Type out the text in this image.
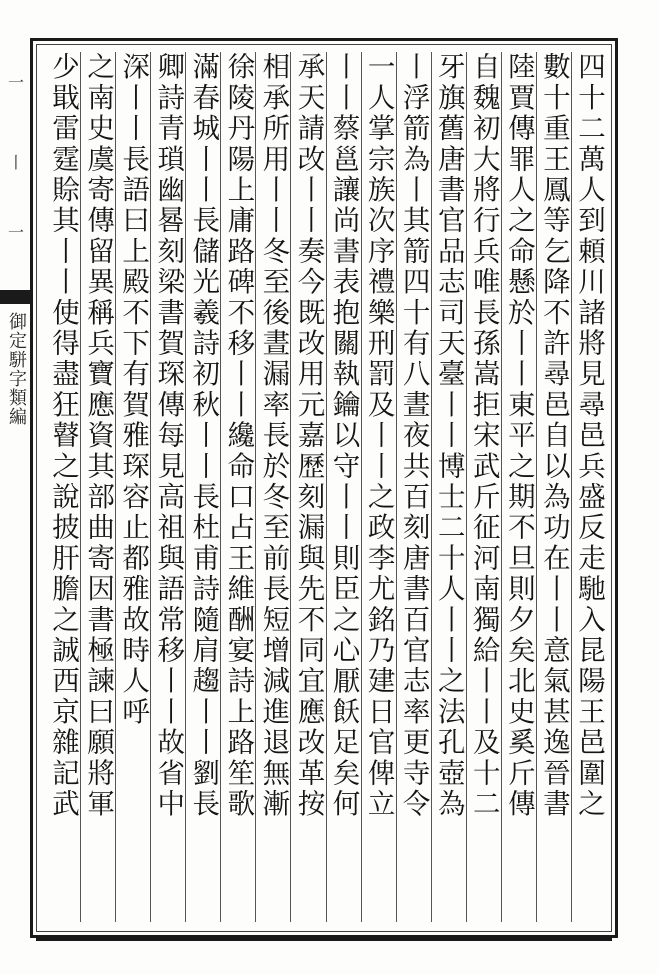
一
丨
一
御定駢字類編	四十二萬人到頼川諸將見尋邑兵盛反走馳入昆陽王邑圍之
數十重王鳳等乞降不許尋邑自以為功在丨丨意氣甚逸晉書
陸賈傳罪人之命懸於丨丨東平之期不旦則夕矣北史奚斤傳
自魏初大將行兵唯長孫嵩拒宋武斤征河南獨給丨丨及十二
牙旗舊唐書官品志司天臺丨丨博士二十人丨丨之法孔壺為
丨浮箭為丨其箭四十有八晝夜共百刻唐書百官志率更寺令
一人掌宗族次序禮樂刑罰及丨丨之政李尤銘乃建日官俾立
丨丨蔡邕讓尚書表抱關執鑰以守丨丨則臣之心厭飫足矣何
承天請改丨丨奏今既改用元嘉歷刻漏與先不同宜應改革按
相承所用丨丨冬至後晝漏率長於冬至前長短增減進退無漸
徐陵丹陽上庸路碑不移丨丨纔命口占王維酬宴詩上路笙歌
滿春城丨丨長儲光羲詩初秋丨丨長杜甫詩隨肩趨丨丨劉長
卿詩青瑣幽晷刻梁書賀琛傳每見高祖與語常移丨丨故省中
深丨丨長語曰上殿不下有賀雅琛容止都雅故時人呼
之南史虞寄傳留異稱兵寶應資其部曲寄因書極諫曰願將軍
少戢雷霆賒其丨丨使得盡狂瞽之說披肝膽之誠西京雜記武
